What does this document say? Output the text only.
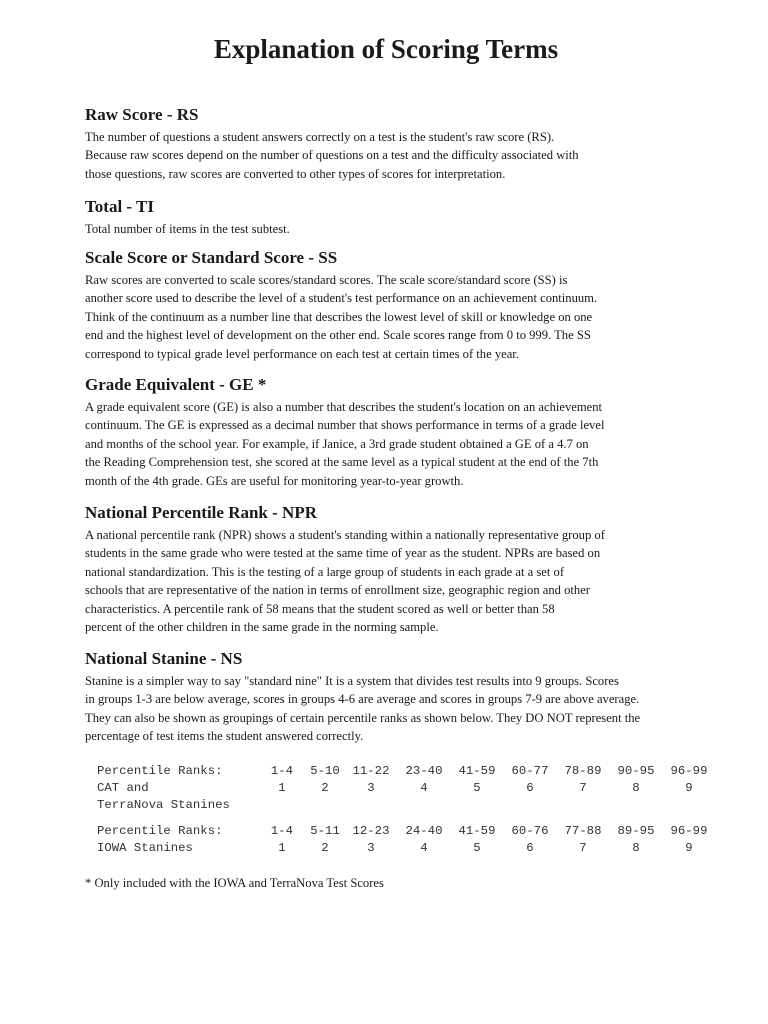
Explanation of Scoring Terms
Raw Score - RS
The number of questions a student answers correctly on a test is the student's raw score (RS).
Because raw scores depend on the number of questions on a test and the difficulty associated with
those questions, raw scores are converted to other types of scores for interpretation.
Total - TI
Total number of items in the test subtest.
Scale Score or Standard Score - SS
Raw scores are converted to scale scores/standard scores. The scale score/standard score (SS) is
another score used to describe the level of a student's test performance on an achievement continuum.
Think of the continuum as a number line that describes the lowest level of skill or knowledge on one
end and the highest level of development on the other end. Scale scores range from 0 to 999. The SS
correspond to typical grade level performance on each test at certain times of the year.
Grade Equivalent - GE *
A grade equivalent score (GE) is also a number that describes the student's location on an achievement
continuum. The GE is expressed as a decimal number that shows performance in terms of a grade level
and months of the school year. For example, if Janice, a 3rd grade student obtained a GE of a 4.7 on
the Reading Comprehension test, she scored at the same level as a typical student at the end of the 7th
month of the 4th grade. GEs are useful for monitoring year-to-year growth.
National Percentile Rank - NPR
A national percentile rank (NPR) shows a student's standing within a nationally representative group of
students in the same grade who were tested at the same time of year as the student. NPRs are based on
national standardization. This is the testing of a large group of students in each grade at a set of
schools that are representative of the nation in terms of enrollment size, geographic region and other
characteristics. A percentile rank of 58 means that the student scored as well or better than 58
percent of the other children in the same grade in the norming sample.
National Stanine - NS
Stanine is a simpler way to say "standard nine" It is a system that divides test results into 9 groups. Scores
in groups 1-3 are below average, scores in groups 4-6 are average and scores in groups 7-9 are above average.
They can also be shown as groupings of certain percentile ranks as shown below. They DO NOT represent the
percentage of test items the student answered correctly.
Percentile Ranks:	1-4	5-10	11-22	23-40	41-59	60-77	78-89	90-95	96-99
CAT and	1	2	3	4	5	6	7	8	9
TerraNova Stanines
Percentile Ranks:	1-4	5-11	12-23	24-40	41-59	60-76	77-88	89-95	96-99
IOWA Stanines	1	2	3	4	5	6	7	8	9
* Only included with the IOWA and TerraNova Test Scores
